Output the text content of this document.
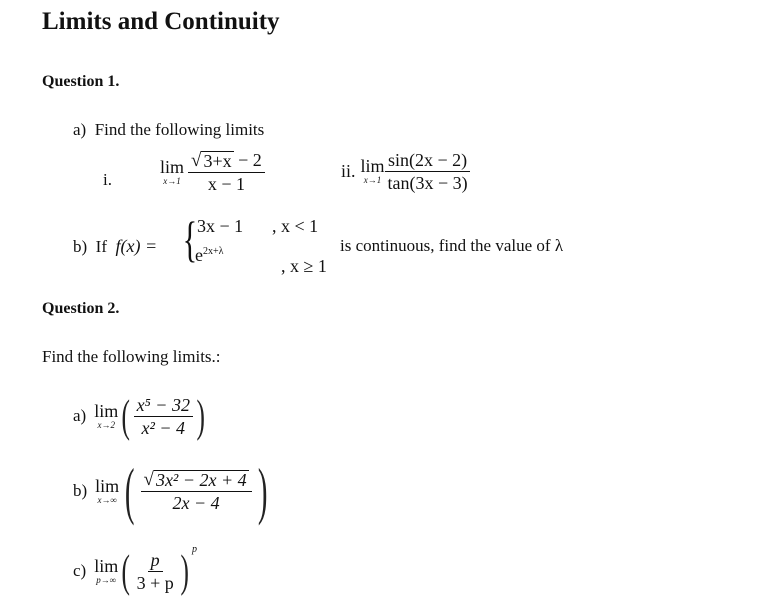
Limits and Continuity
Question 1.
a) Find the following limits
i.
lim
$x\to 1 \frac{√ 3+x - 2}{x - 1}$	ii. lim
$x\to 1 \frac{\sin(2x - 2)}{\tan(3x - 3)}$
b) If f(x) = { 3x − 1 , x < 1
$e^{2x+\lambda}$
, x ≥ 1
is continuous, find the value of λ
Question 2.
Find the following limits.:
a) lim
x→2 ( $\frac{\text{x⁵ − 32}}{\text{x² − 4}}$ )
b) lim
x→∞ ( $\frac{\text{√ 3x² − 2x + 4}}{2x - 4}$ )
c) lim
p→∞ ( $\frac{p}{3 + p}$ ) p
